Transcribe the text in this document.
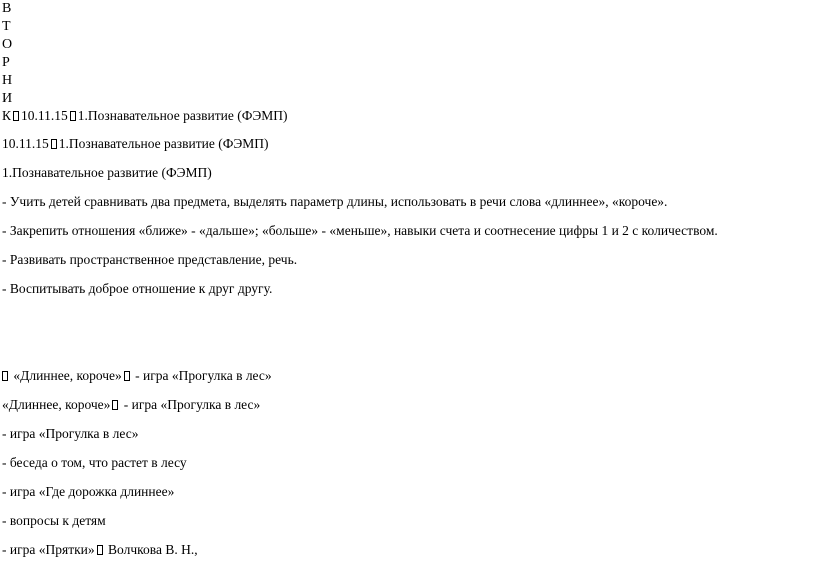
В
Т
О
Р
Н
И
К 10.11.15 1.Познавательное развитие (ФЭМП)
10.11.15 1.Познавательное развитие (ФЭМП)
1.Познавательное развитие (ФЭМП)
- Учить детей сравнивать два предмета, выделять параметр длины, использовать в речи слова «длиннее», «короче».
- Закрепить отношения «ближе» - «дальше»; «больше» - «меньше», навыки счета и соотнесение цифры 1 и 2 с количеством.
- Развивать пространственное представление, речь.
- Воспитывать доброе отношение к друг другу.
«Длиннее, короче» - игра «Прогулка в лес»
«Длиннее, короче» - игра «Прогулка в лес»
- игра «Прогулка в лес»
- беседа о том, что растет в лесу
- игра «Где дорожка длиннее»
- вопросы к детям
- игра «Прятки» Волчкова В. Н.,
